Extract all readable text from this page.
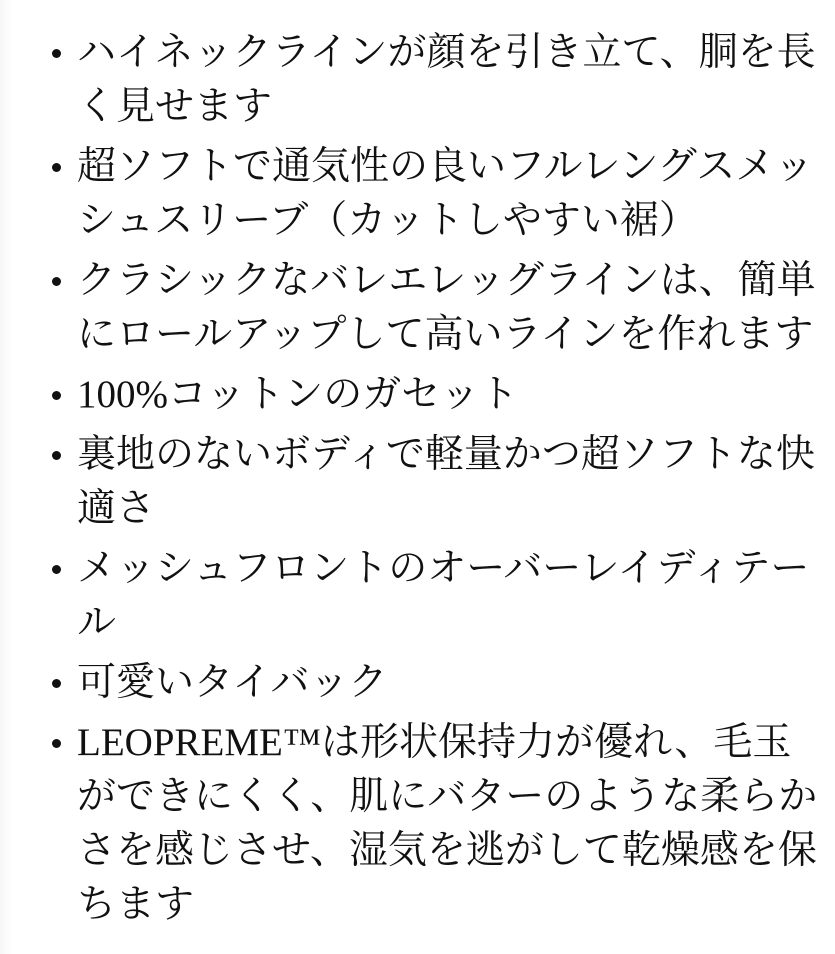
ハイネックラインが顔を引き立て、胴を長く見せます
超ソフトで通気性の良いフルレングスメッシュスリーブ（カットしやすい裾）
クラシックなバレエレッグラインは、簡単にロールアップして高いラインを作れます
100%コットンのガセット
裏地のないボディで軽量かつ超ソフトな快適さ
メッシュフロントのオーバーレイディテール
可愛いタイバック
LEOPREME™は形状保持力が優れ、毛玉ができにくく、肌にバターのような柔らかさを感じさせ、湿気を逃がして乾燥感を保ちます
